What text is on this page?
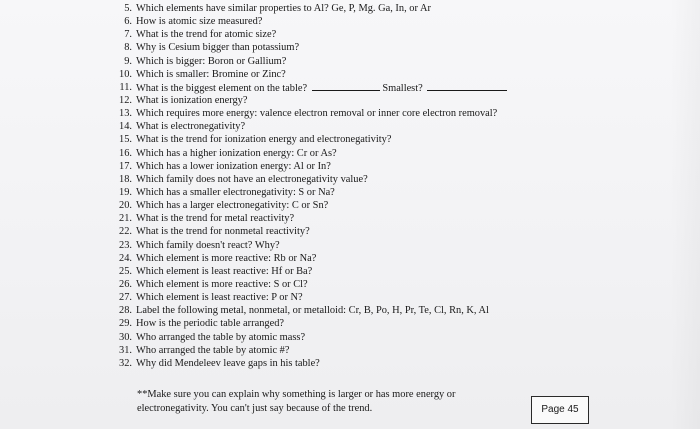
5. Which elements have similar properties to Al? Ge, P, Mg. Ga, In, or Ar
6. How is atomic size measured?
7. What is the trend for atomic size?
8. Why is Cesium bigger than potassium?
9. Which is bigger: Boron or Gallium?
10. Which is smaller: Bromine or Zinc?
11. What is the biggest element on the table?	Smallest?
12. What is ionization energy?
13. Which requires more energy: valence electron removal or inner core electron removal?
14. What is electronegativity?
15. What is the trend for ionization energy and electronegativity?
16. Which has a higher ionization energy: Cr or As?
17. Which has a lower ionization energy: Al or In?
18. Which family does not have an electronegativity value?
19. Which has a smaller electronegativity: S or Na?
20. Which has a larger electronegativity: C or Sn?
21. What is the trend for metal reactivity?
22. What is the trend for nonmetal reactivity?
23. Which family doesn't react? Why?
24. Which element is more reactive: Rb or Na?
25. Which element is least reactive: Hf or Ba?
26. Which element is more reactive: S or Cl?
27. Which element is least reactive: P or N?
28. Label the following metal, nonmetal, or metalloid: Cr, B, Po, H, Pr, Te, Cl, Rn, K, Al
29. How is the periodic table arranged?
30. Who arranged the table by atomic mass?
31. Who arranged the table by atomic #?
32. Why did Mendeleev leave gaps in his table?
**Make sure you can explain why something is larger or has more energy or
electronegativity. You can't just say because of the trend.	Page 45
